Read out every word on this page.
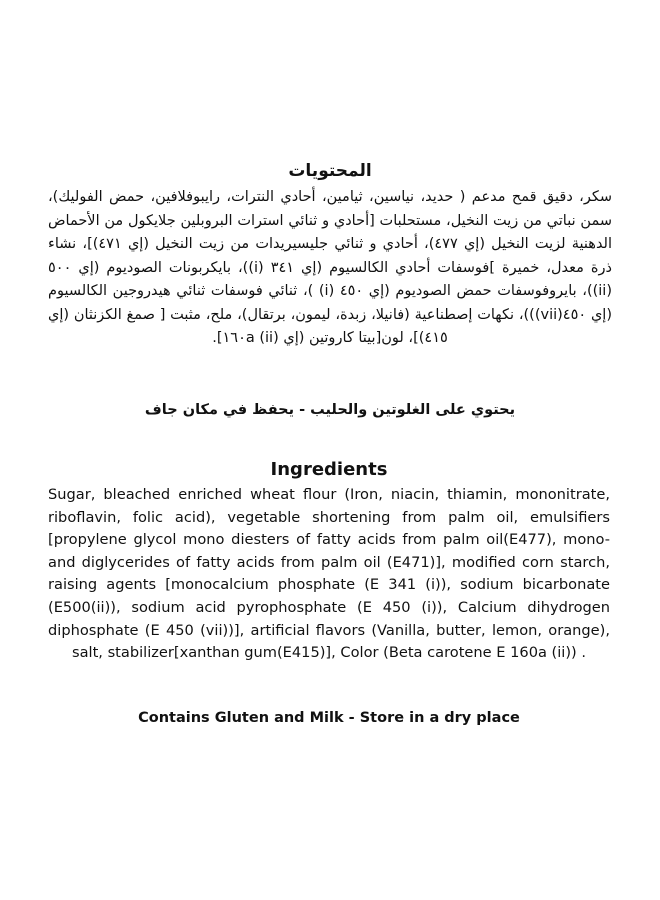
المحتويات

سكر، دقيق قمح مدعم ( حديد، نياسين، ثيامين، أحادي النترات، رايبوفلافين، حمض الفوليك)، سمن نباتي من زيت النخيل، مستحلبات [أحادي و ثنائي استرات البروبلين جلايكول من الأحماض الدهنية لزيت النخيل (إي ٤٧٧)، أحادي و ثنائي جليسيريدات من زيت النخيل (إي ٤٧١)]، نشاء ذرة معدل، خميرة ]فوسفات أحادي الكالسيوم (إي ٣٤١ (i))، بايكربونات الصوديوم (إي ٥٠٠ (ii))، بايروفوسفات حمض الصوديوم (إي ٤٥٠ (i) )، ثنائي فوسفات ثنائي هيدروجين الكالسيوم (إي ٤٥٠(vii)))، نكهات إصطناعية (فانيلا، زبدة، ليمون، برتقال)، ملح، مثبت [ صمغ الكزنثان (إي ٤١٥)]، لون[بيتا كاروتين (إي ١٦٠a (ii)].

يحتوي على الغلوتين والحليب - يحفظ في مكان جاف

Ingredients

Sugar, bleached enriched wheat flour (Iron, niacin, thiamin, mononitrate, riboflavin, folic acid), vegetable shortening from palm oil, emulsifiers [propylene glycol mono diesters of fatty acids from palm oil(E477), mono- and diglycerides of fatty acids from palm oil (E471)], modified corn starch, raising agents [monocalcium phosphate (E 341 (i)), sodium bicarbonate (E500(ii)), sodium acid pyrophosphate (E 450 (i)), Calcium dihydrogen diphosphate (E 450 (vii))], artificial flavors (Vanilla, butter, lemon, orange), salt, stabilizer[xanthan gum(E415)], Color (Beta carotene E 160a (ii)) .

Contains Gluten and Milk - Store in a dry place
